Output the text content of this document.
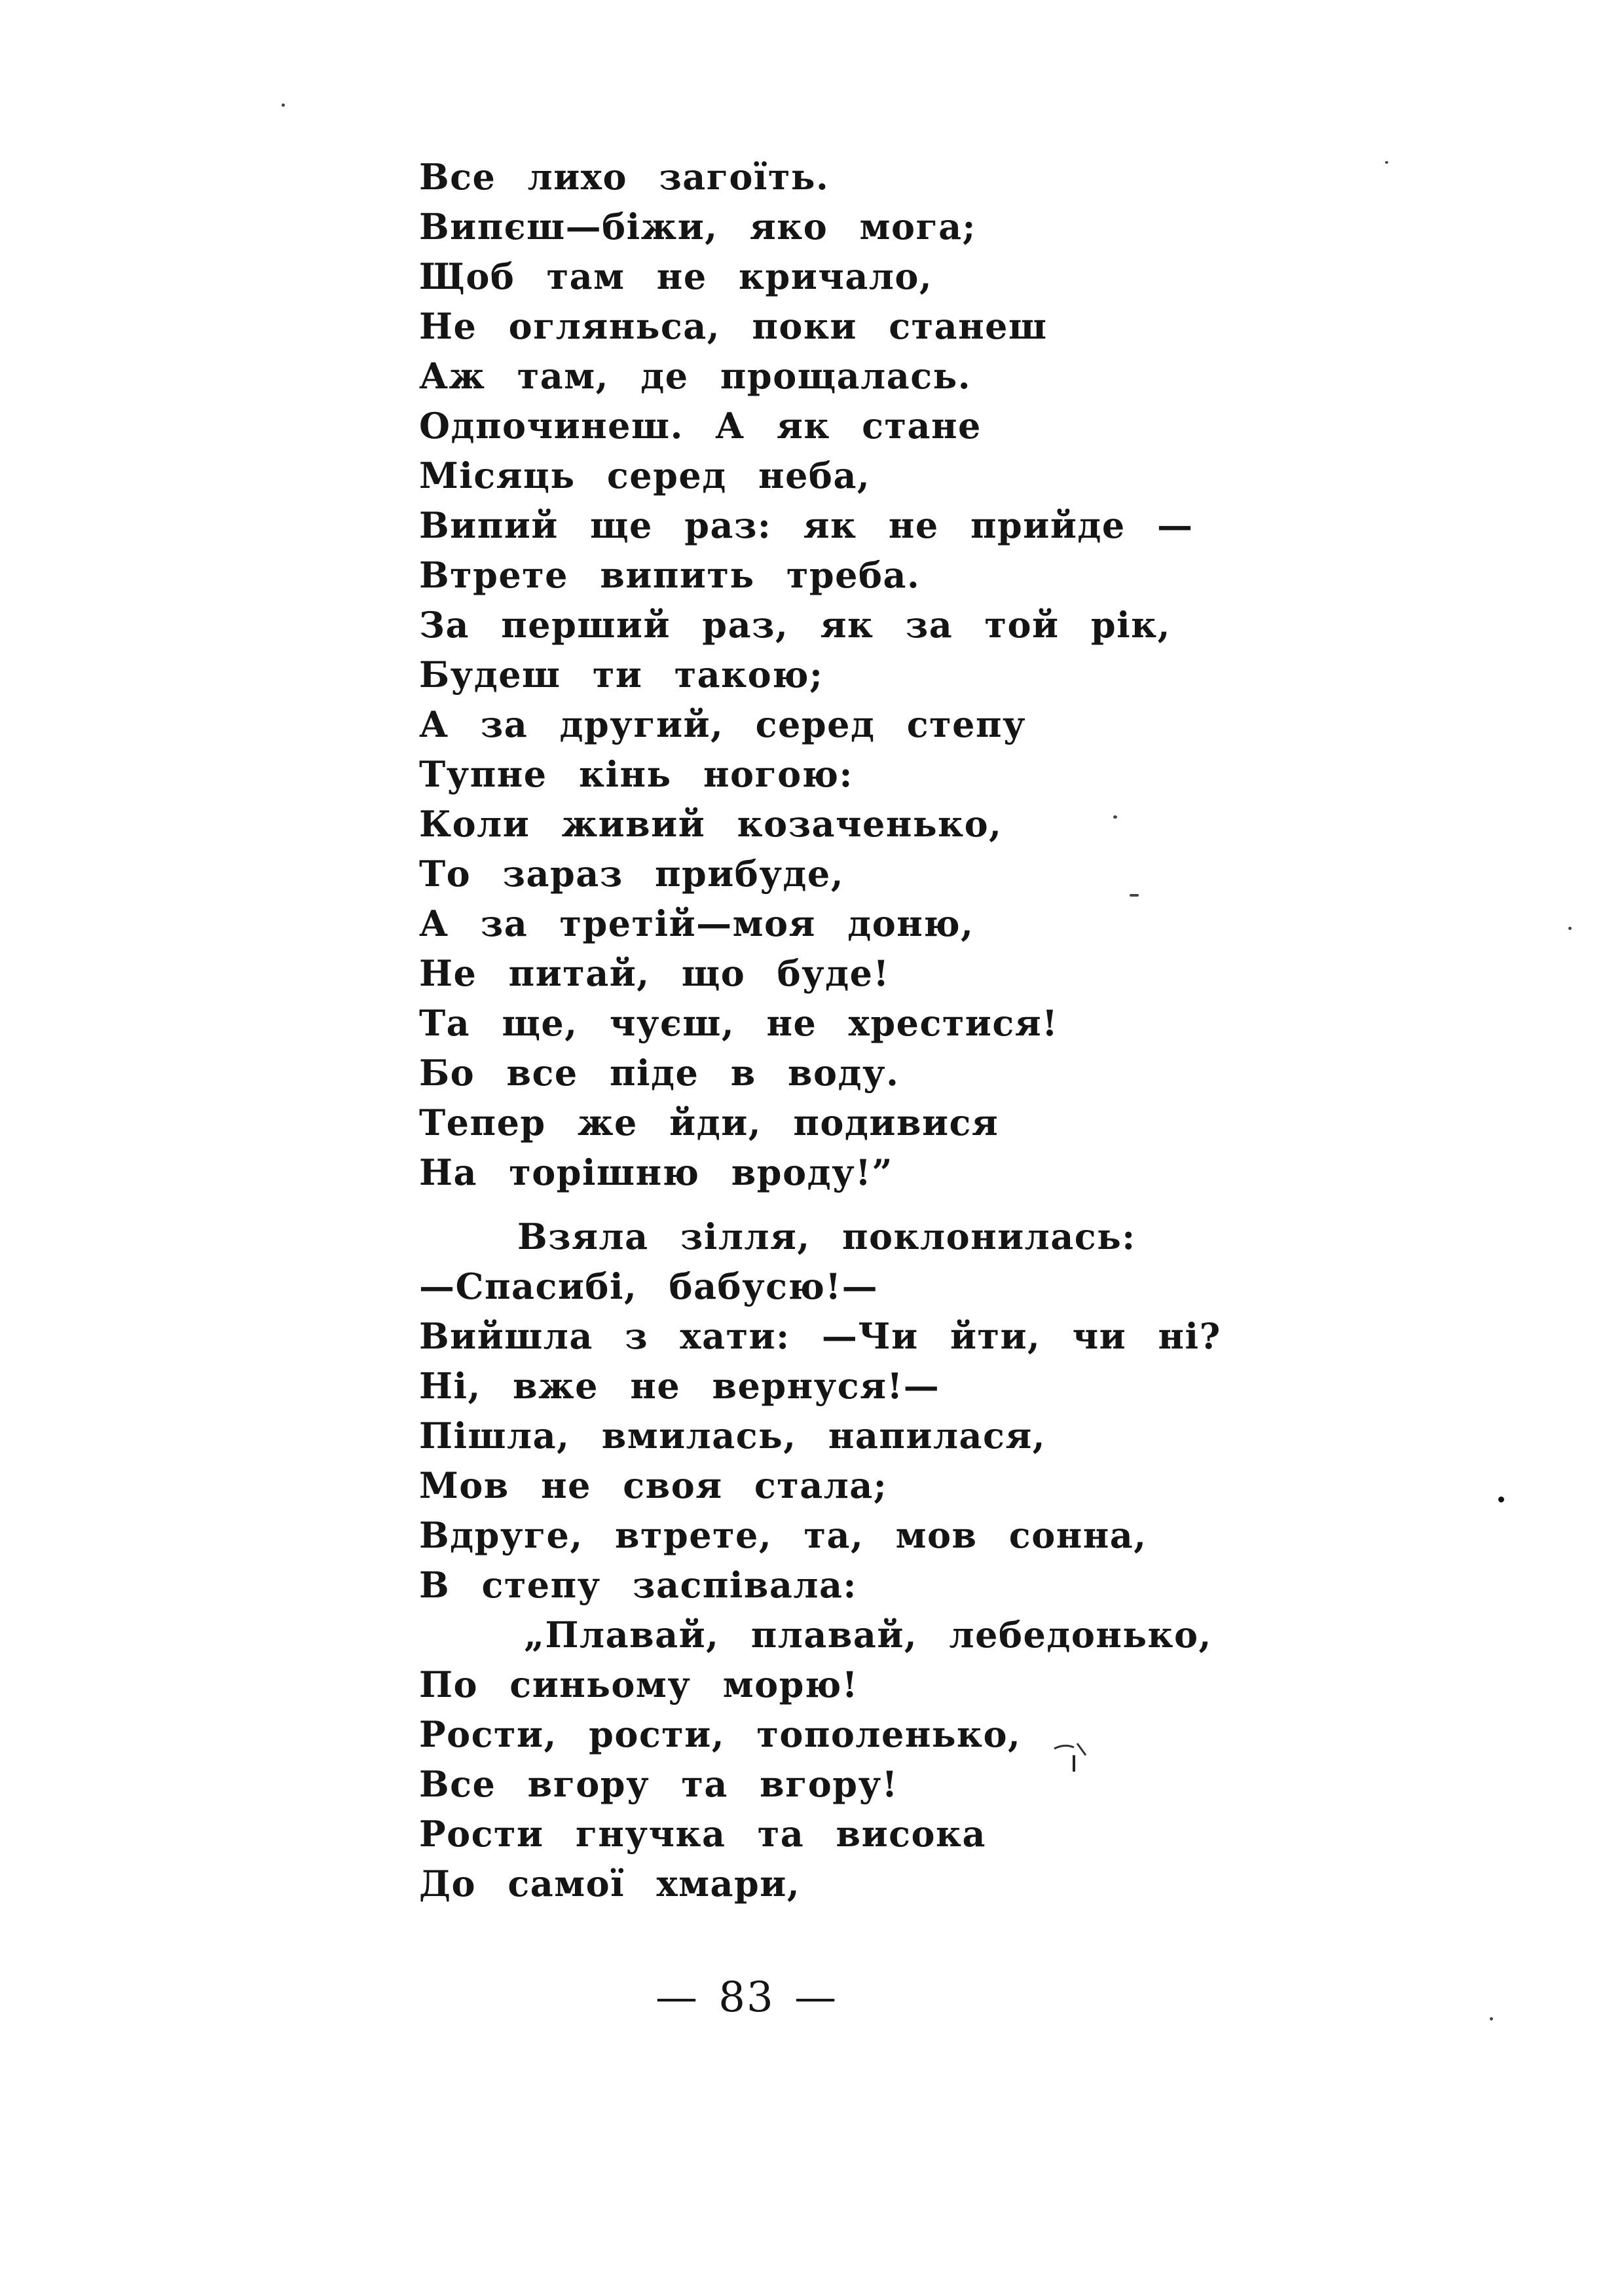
Все лихо загоїть.
Випєш—біжи, яко мога;
Щоб там не кричало,
Не огляньса, поки станеш
Аж там, де прощалась.
Одпочинеш. А як стане
Місяць серед неба,
Випий ще раз: як не прийде —
Втрете випить треба.
За перший раз, як за той рік,
Будеш ти такою;
А за другий, серед степу
Тупне кінь ногою:
Коли живий козаченько,
То зараз прибуде,
А за третій—моя доню,
Не питай, що буде!
Та ще, чуєш, не хрестися!
Бо все піде в воду.
Тепер же йди, подивися
На торішню вроду!”
Взяла зілля, поклонилась:
—Спасибі, бабусю!—
Вийшла з хати: —Чи йти, чи ні?
Ні, вже не вернуся!—
Пішла, вмилась, напилася,
Мов не своя стала;
Вдруге, втрете, та, мов сонна,
В степу заспівала:
„Плавай, плавай, лебедонько,
По синьому морю!
Рости, рости, тополенько,
Все вгору та вгору!
Рости гнучка та висока
До самої хмари,
— 83 —
